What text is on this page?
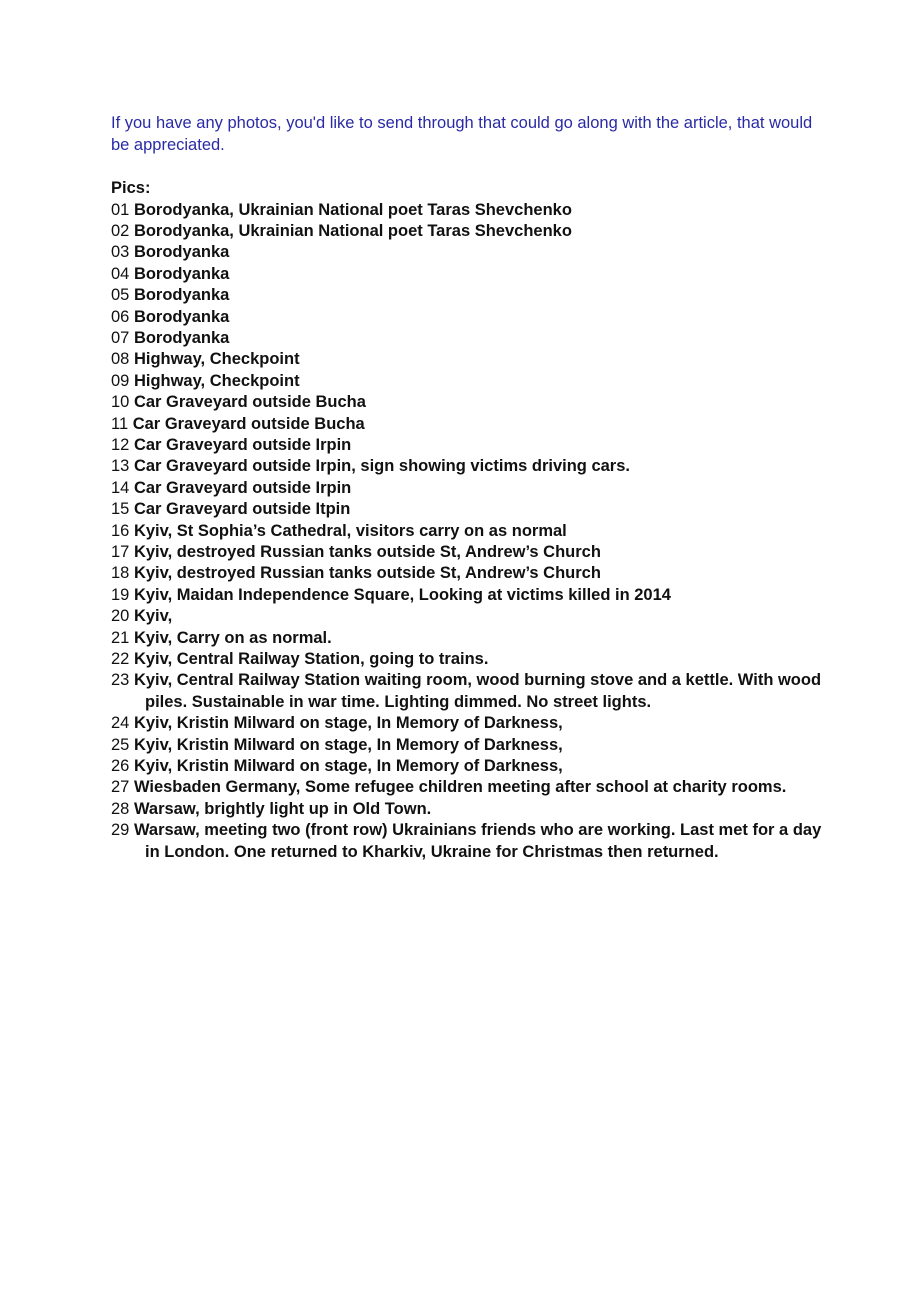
If you have any photos, you'd like to send through that could go along with the article, that would be appreciated.

Pics:
01 Borodyanka, Ukrainian National poet Taras Shevchenko
02 Borodyanka, Ukrainian National poet Taras Shevchenko
03 Borodyanka
04 Borodyanka
05 Borodyanka
06 Borodyanka
07 Borodyanka
08 Highway, Checkpoint
09 Highway, Checkpoint
10 Car Graveyard outside Bucha
11 Car Graveyard outside Bucha
12 Car Graveyard outside Irpin
13 Car Graveyard outside Irpin, sign showing victims driving cars.
14 Car Graveyard outside Irpin
15 Car Graveyard outside Itpin
16 Kyiv, St Sophia’s Cathedral, visitors carry on as normal
17 Kyiv, destroyed Russian tanks outside St, Andrew’s Church
18 Kyiv, destroyed Russian tanks outside St, Andrew’s Church
19 Kyiv, Maidan Independence Square, Looking at victims killed in 2014
20 Kyiv,
21 Kyiv, Carry on as normal.
22 Kyiv, Central Railway Station, going to trains.
23 Kyiv, Central Railway Station waiting room, wood burning stove and a kettle. With wood piles. Sustainable in war time. Lighting dimmed. No street lights.
24 Kyiv, Kristin Milward on stage, In Memory of Darkness,
25 Kyiv, Kristin Milward on stage, In Memory of Darkness,
26 Kyiv, Kristin Milward on stage, In Memory of Darkness,
27 Wiesbaden Germany, Some refugee children meeting after school at charity rooms.
28 Warsaw, brightly light up in Old Town.
29 Warsaw, meeting two (front row) Ukrainians friends who are working. Last met for a day in London. One returned to Kharkiv, Ukraine for Christmas then returned.
